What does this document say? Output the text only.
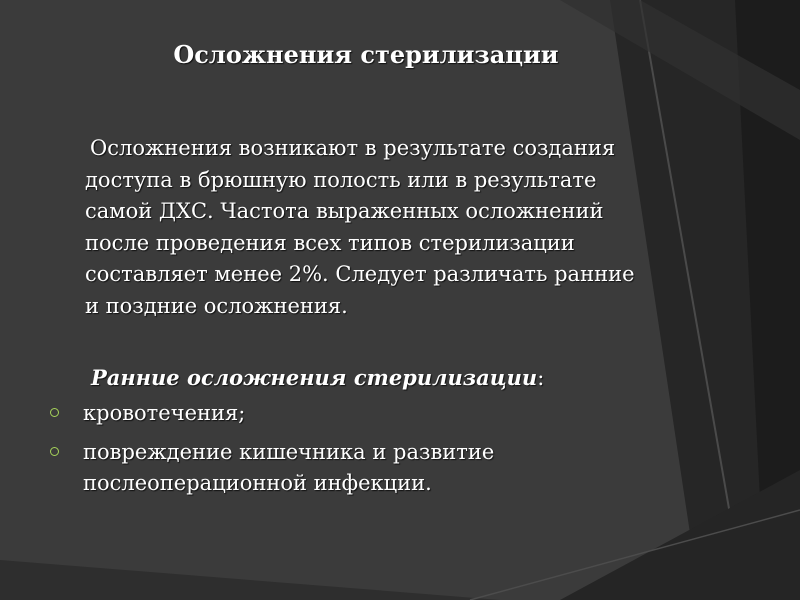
Осложнения стерилизации
Осложнения возникают в результате создания доступа в брюшную полость или в результате самой ДХС. Частота выраженных осложнений после проведения всех типов стерилизации составляет менее 2%. Следует различать ранние и поздние осложнения.
Ранние осложнения стерилизации:
кровотечения;
повреждение кишечника и развитие послеоперационной инфекции.
